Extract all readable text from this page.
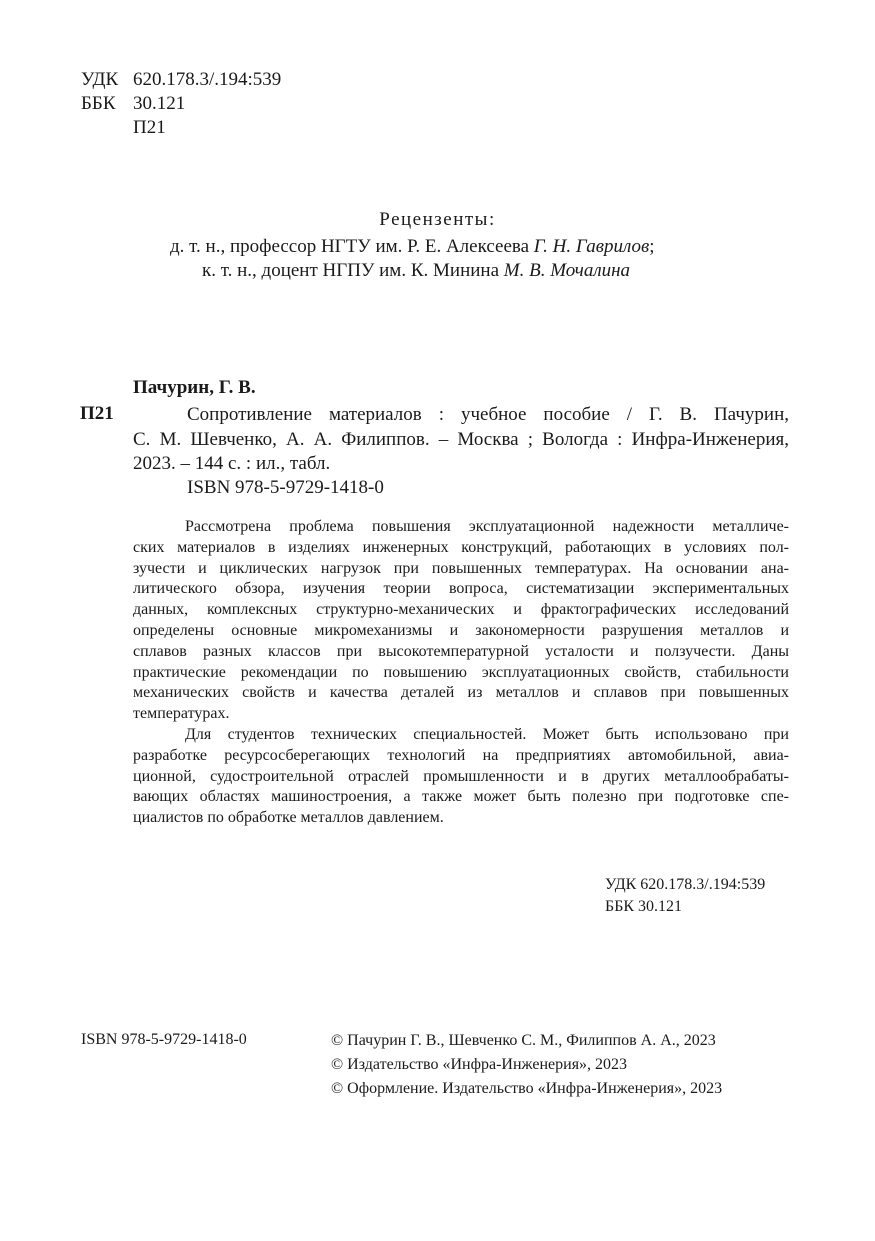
УДК 620.178.3/.194:539
ББК 30.121
П21
Рецензенты:
д. т. н., профессор НГТУ им. Р. Е. Алексеева Г. Н. Гаврилов;
к. т. н., доцент НГПУ им. К. Минина М. В. Мочалина
Пачурин, Г. В.
П21	Сопротивление материалов : учебное пособие / Г. В. Пачурин,
С. М. Шевченко, А. А. Филиппов. – Москва ; Вологда : Инфра-Инженерия,
2023. – 144 с. : ил., табл.
ISBN 978-5-9729-1418-0
Рассмотрена проблема повышения эксплуатационной надежности металличе-
ских материалов в изделиях инженерных конструкций, работающих в условиях пол-
зучести и циклических нагрузок при повышенных температурах. На основании ана-
литического обзора, изучения теории вопроса, систематизации экспериментальных
данных, комплексных структурно-механических и фрактографических исследований
определены основные микромеханизмы и закономерности разрушения металлов и
сплавов разных классов при высокотемпературной усталости и ползучести. Даны
практические рекомендации по повышению эксплуатационных свойств, стабильности
механических свойств и качества деталей из металлов и сплавов при повышенных
температурах.
Для студентов технических специальностей. Может быть использовано при
разработке ресурсосберегающих технологий на предприятиях автомобильной, авиа-
ционной, судостроительной отраслей промышленности и в других металлообрабаты-
вающих областях машиностроения, а также может быть полезно при подготовке спе-
циалистов по обработке металлов давлением.
УДК 620.178.3/.194:539
ББК 30.121
ISBN 978-5-9729-1418-0	© Пачурин Г. В., Шевченко С. М., Филиппов А. А., 2023
© Издательство «Инфра-Инженерия», 2023
© Оформление. Издательство «Инфра-Инженерия», 2023
